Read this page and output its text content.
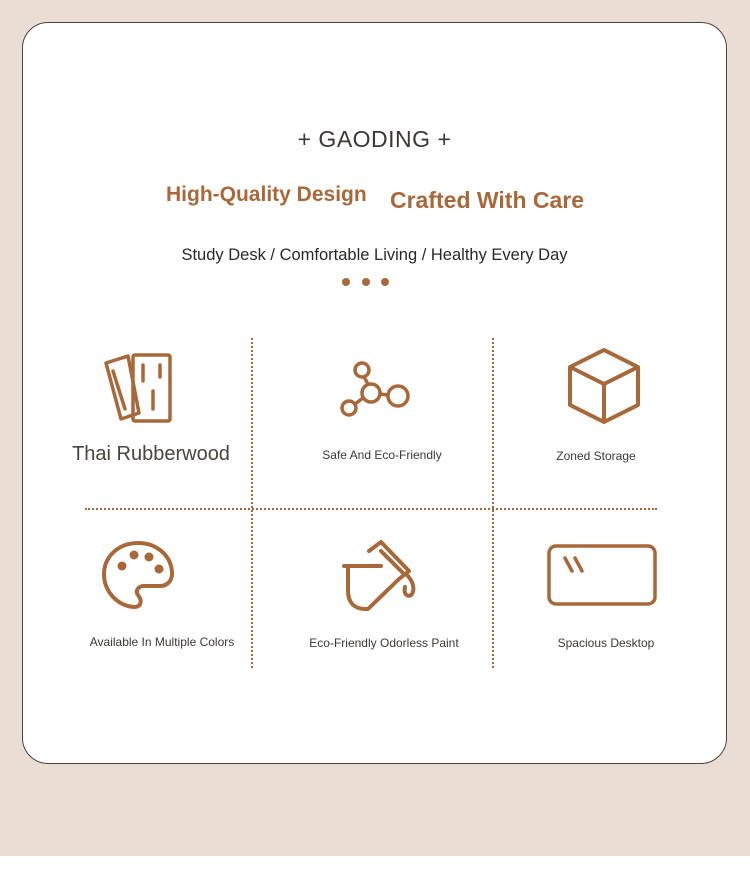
+ GAODING +
High-Quality Design Crafted With Care
Study Desk / Comfortable Living / Healthy Every Day
Thai Rubberwood	Safe And Eco-Friendly	Zoned Storage
Available In Multiple Colors	Eco-Friendly Odorless Paint	Spacious Desktop
